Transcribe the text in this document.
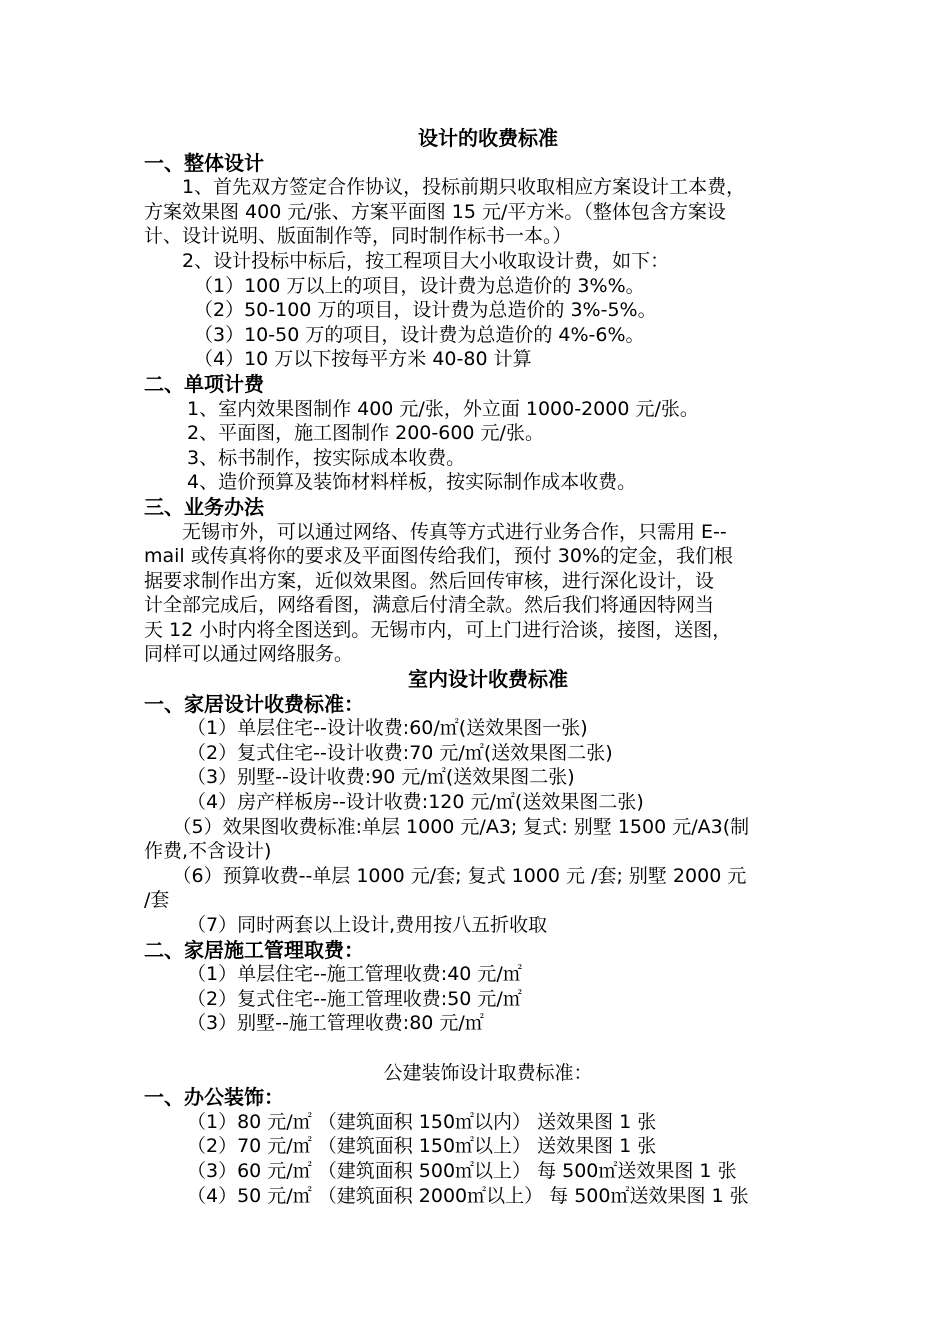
设计的收费标准
一、整体设计
　　1、首先双方签定合作协议，投标前期只收取相应方案设计工本费，
方案效果图 400 元/张、方案平面图 15 元/平方米。（整体包含方案设
计、设计说明、版面制作等，同时制作标书一本。）
　　2、设计投标中标后，按工程项目大小收取设计费，如下：
（1）100 万以上的项目，设计费为总造价的 3%%。
（2）50-100 万的项目，设计费为总造价的 3%-5%。
（3）10-50 万的项目，设计费为总造价的 4%-6%。
（4）10 万以下按每平方米 40-80 计算
二、单项计费
1、室内效果图制作 400 元/张，外立面 1000-2000 元/张。
2、平面图，施工图制作 200-600 元/张。
3、标书制作，按实际成本收费。
4、造价预算及装饰材料样板，按实际制作成本收费。
三、业务办法
　　无锡市外，可以通过网络、传真等方式进行业务合作，只需用 E--
mail 或传真将你的要求及平面图传给我们，预付 30%的定金，我们根
据要求制作出方案，近似效果图。然后回传审核，进行深化设计，设
计全部完成后，网络看图，满意后付清全款。然后我们将通因特网当
天 12 小时内将全图送到。无锡市内，可上门进行洽谈，接图，送图，
同样可以通过网络服务。
室内设计收费标准
一、家居设计收费标准：
（1）单层住宅--设计收费:60/㎡(送效果图一张)
（2）复式住宅--设计收费:70 元/㎡(送效果图二张)
（3）别墅--设计收费:90 元/㎡(送效果图二张)
（4）房产样板房--设计收费:120 元/㎡(送效果图二张)
　　（5）效果图收费标准:单层 1000 元/A3; 复式: 别墅 1500 元/A3(制
作费,不含设计)
　　（6）预算收费--单层 1000 元/套; 复式 1000 元 /套; 别墅 2000 元
/套
（7）同时两套以上设计,费用按八五折收取
二、家居施工管理取费：
（1）单层住宅--施工管理收费:40 元/㎡
（2）复式住宅--施工管理收费:50 元/㎡
（3）别墅--施工管理收费:80 元/㎡
公建装饰设计取费标准：
一、办公装饰：
（1）80 元/㎡ （建筑面积 150㎡以内） 送效果图 1 张
（2）70 元/㎡ （建筑面积 150㎡以上） 送效果图 1 张
（3）60 元/㎡ （建筑面积 500㎡以上） 每 500㎡送效果图 1 张
（4）50 元/㎡ （建筑面积 2000㎡以上） 每 500㎡送效果图 1 张
